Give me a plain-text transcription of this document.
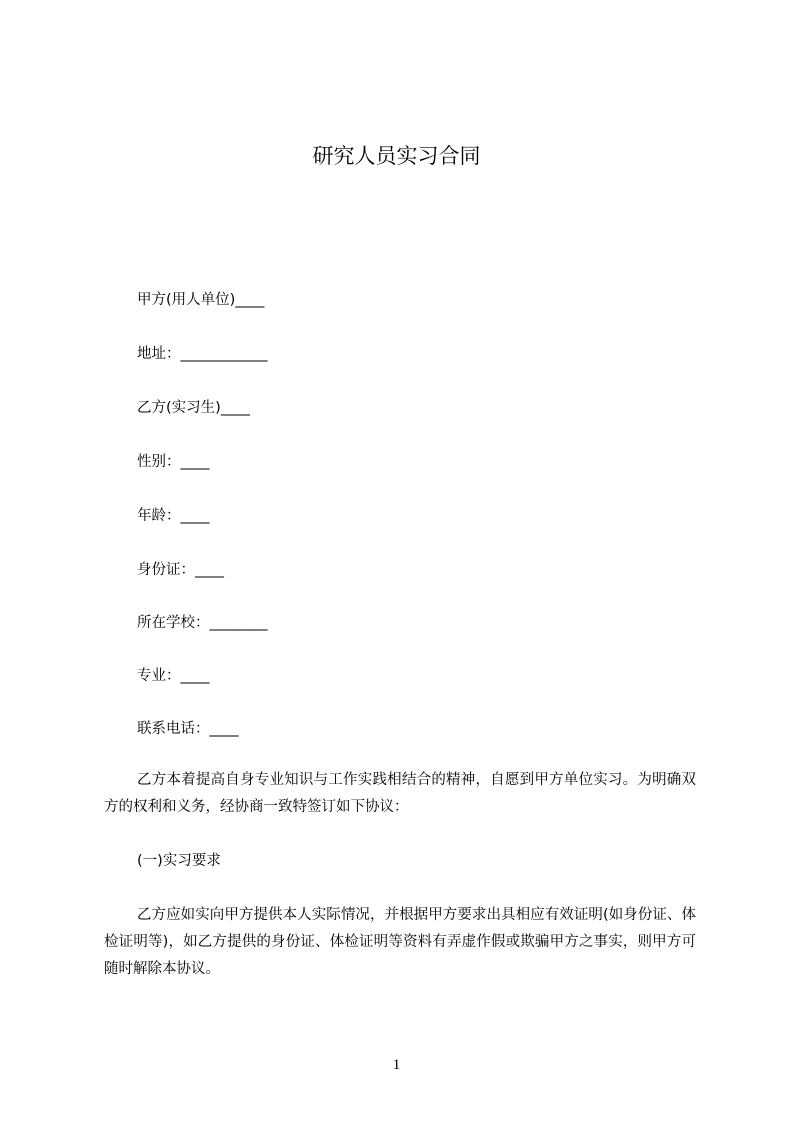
研究人员实习合同

甲方(用人单位)____

地址：____________

乙方(实习生)____

性别：____

年龄：____

身份证：____

所在学校：________

专业：____

联系电话：____

乙方本着提高自身专业知识与工作实践相结合的精神，自愿到甲方单位实习。为明确双方的权利和义务，经协商一致特签订如下协议：

(一)实习要求

乙方应如实向甲方提供本人实际情况，并根据甲方要求出具相应有效证明(如身份证、体检证明等)，如乙方提供的身份证、体检证明等资料有弄虚作假或欺骗甲方之事实，则甲方可随时解除本协议。

1
